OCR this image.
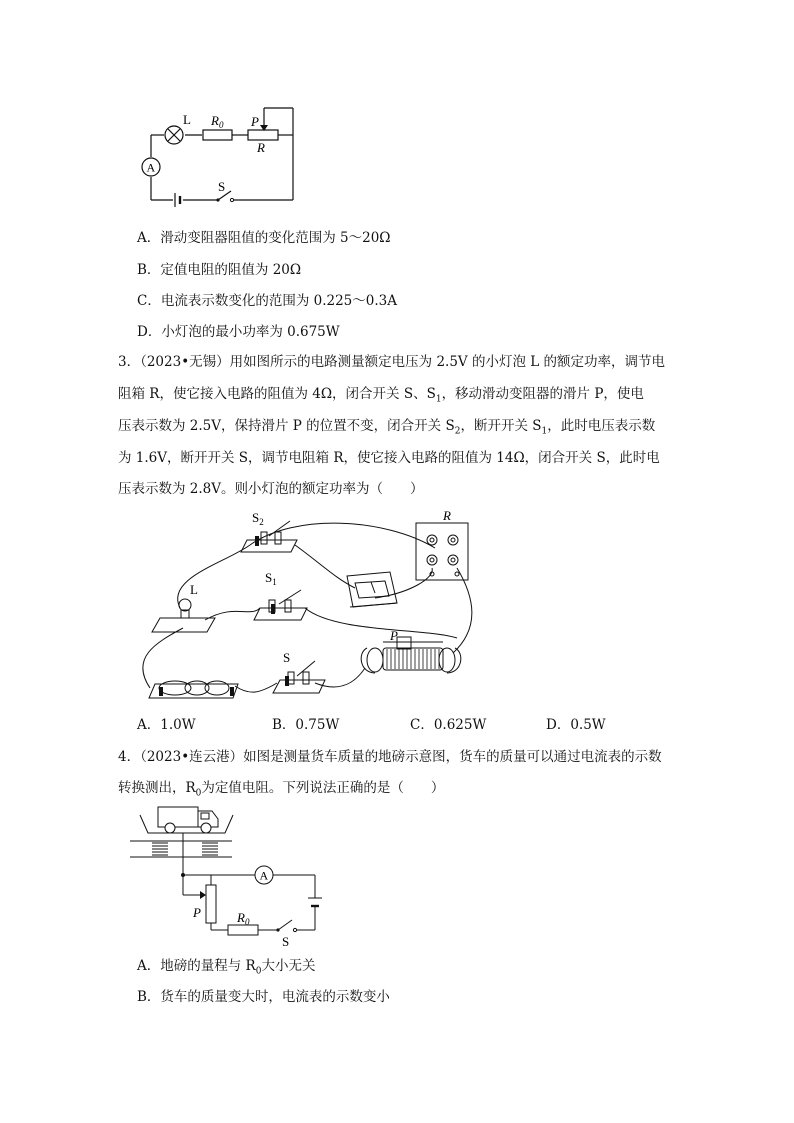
L $R_0$ P
R
A
S
A．滑动变阻器阻值的变化范围为 5～20Ω
B．定值电阻的阻值为 20Ω
C．电流表示数变化的范围为 0.225～0.3A
D．小灯泡的最小功率为 0.675W
3．（2023•无锡）用如图所示的电路测量额定电压为 2.5V 的小灯泡 L 的额定功率，调节电
阻箱 R，使它接入电路的阻值为 4Ω，闭合开关 S、$S_1$，移动滑动变阻器的滑片 P，使电
压表示数为 2.5V，保持滑片 P 的位置不变，闭合开关 $S_2$，断开开关 $S_1$，此时电压表示数
为 1.6V，断开开关 S，调节电阻箱 R，使它接入电路的阻值为 14Ω，闭合开关 S，此时电
压表示数为 2.8V。则小灯泡的额定功率为（　　）
$S_2$	R
L
$S_1$
P
S
A．1.0W	B．0.75W	C．0.625W	D．0.5W
4．（2023•连云港）如图是测量货车质量的地磅示意图，货车的质量可以通过电流表的示数
转换测出，$R_0$为定值电阻。下列说法正确的是（　　）
A
P	$R_0$
S
A．地磅的量程与 $R_0$大小无关
B．货车的质量变大时，电流表的示数变小
